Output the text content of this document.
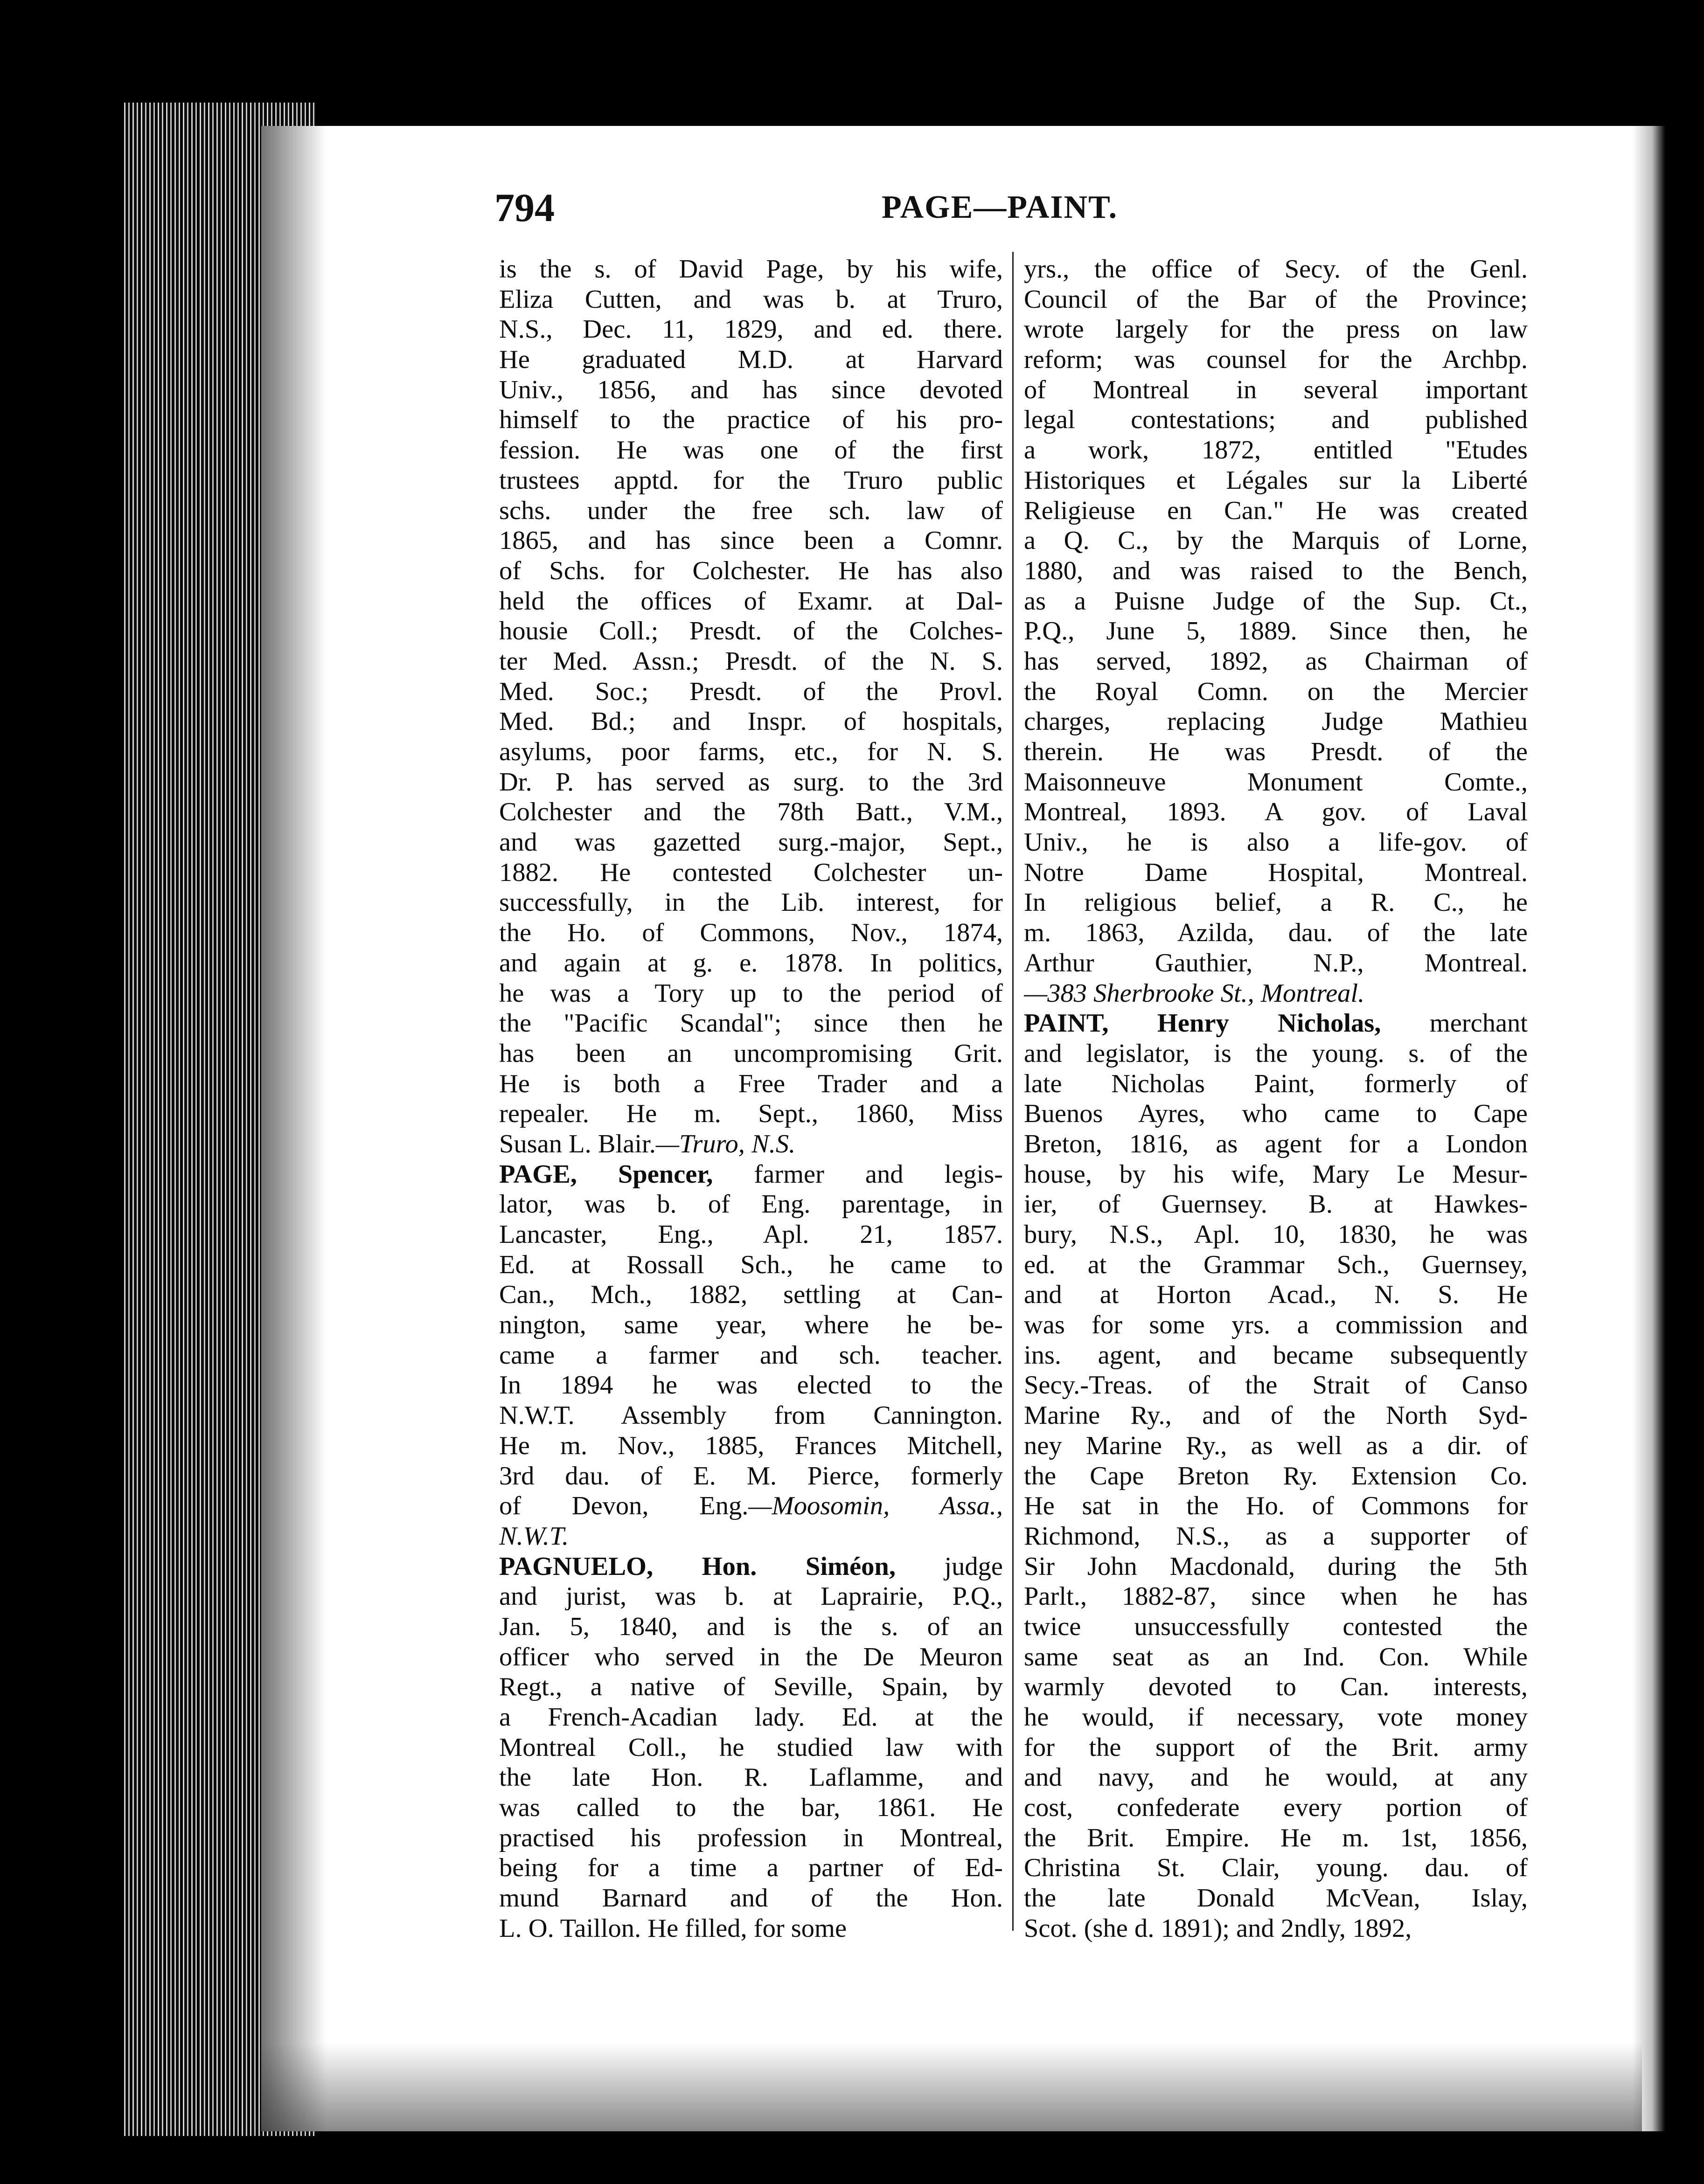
794	PAGE—PAINT.
is the s. of David Page, by his wife,
Eliza Cutten, and was b. at Truro,
N.S., Dec. 11, 1829, and ed. there.
He graduated M.D. at Harvard
Univ., 1856, and has since devoted
himself to the practice of his pro-
fession. He was one of the first
trustees apptd. for the Truro public
schs. under the free sch. law of
1865, and has since been a Comnr.
of Schs. for Colchester. He has also
held the offices of Examr. at Dal-
housie Coll.; Presdt. of the Colches-
ter Med. Assn.; Presdt. of the N. S.
Med. Soc.; Presdt. of the Provl.
Med. Bd.; and Inspr. of hospitals,
asylums, poor farms, etc., for N. S.
Dr. P. has served as surg. to the 3rd
Colchester and the 78th Batt., V.M.,
and was gazetted surg.-major, Sept.,
1882. He contested Colchester un-
successfully, in the Lib. interest, for
the Ho. of Commons, Nov., 1874,
and again at g. e. 1878. In politics,
he was a Tory up to the period of
the "Pacific Scandal"; since then he
has been an uncompromising Grit.
He is both a Free Trader and a
repealer. He m. Sept., 1860, Miss
Susan L. Blair.—Truro, N.S.
PAGE, Spencer, farmer and legis-
lator, was b. of Eng. parentage, in
Lancaster, Eng., Apl. 21, 1857.
Ed. at Rossall Sch., he came to
Can., Mch., 1882, settling at Can-
nington, same year, where he be-
came a farmer and sch. teacher.
In 1894 he was elected to the
N.W.T. Assembly from Cannington.
He m. Nov., 1885, Frances Mitchell,
3rd dau. of E. M. Pierce, formerly
of Devon, Eng.—Moosomin, Assa.,
N.W.T.
PAGNUELO, Hon. Siméon, judge
and jurist, was b. at Laprairie, P.Q.,
Jan. 5, 1840, and is the s. of an
officer who served in the De Meuron
Regt., a native of Seville, Spain, by
a French-Acadian lady. Ed. at the
Montreal Coll., he studied law with
the late Hon. R. Laflamme, and
was called to the bar, 1861. He
practised his profession in Montreal,
being for a time a partner of Ed-
mund Barnard and of the Hon.
L. O. Taillon. He filled, for some
yrs., the office of Secy. of the Genl.
Council of the Bar of the Province;
wrote largely for the press on law
reform; was counsel for the Archbp.
of Montreal in several important
legal contestations; and published
a work, 1872, entitled "Etudes
Historiques et Légales sur la Liberté
Religieuse en Can." He was created
a Q. C., by the Marquis of Lorne,
1880, and was raised to the Bench,
as a Puisne Judge of the Sup. Ct.,
P.Q., June 5, 1889. Since then, he
has served, 1892, as Chairman of
the Royal Comn. on the Mercier
charges, replacing Judge Mathieu
therein. He was Presdt. of the
Maisonneuve Monument Comte.,
Montreal, 1893. A gov. of Laval
Univ., he is also a life-gov. of
Notre Dame Hospital, Montreal.
In religious belief, a R. C., he
m. 1863, Azilda, dau. of the late
Arthur Gauthier, N.P., Montreal.
—383 Sherbrooke St., Montreal.
PAINT, Henry Nicholas, merchant
and legislator, is the young. s. of the
late Nicholas Paint, formerly of
Buenos Ayres, who came to Cape
Breton, 1816, as agent for a London
house, by his wife, Mary Le Mesur-
ier, of Guernsey. B. at Hawkes-
bury, N.S., Apl. 10, 1830, he was
ed. at the Grammar Sch., Guernsey,
and at Horton Acad., N. S. He
was for some yrs. a commission and
ins. agent, and became subsequently
Secy.-Treas. of the Strait of Canso
Marine Ry., and of the North Syd-
ney Marine Ry., as well as a dir. of
the Cape Breton Ry. Extension Co.
He sat in the Ho. of Commons for
Richmond, N.S., as a supporter of
Sir John Macdonald, during the 5th
Parlt., 1882-87, since when he has
twice unsuccessfully contested the
same seat as an Ind. Con. While
warmly devoted to Can. interests,
he would, if necessary, vote money
for the support of the Brit. army
and navy, and he would, at any
cost, confederate every portion of
the Brit. Empire. He m. 1st, 1856,
Christina St. Clair, young. dau. of
the late Donald McVean, Islay,
Scot. (she d. 1891); and 2ndly, 1892,
